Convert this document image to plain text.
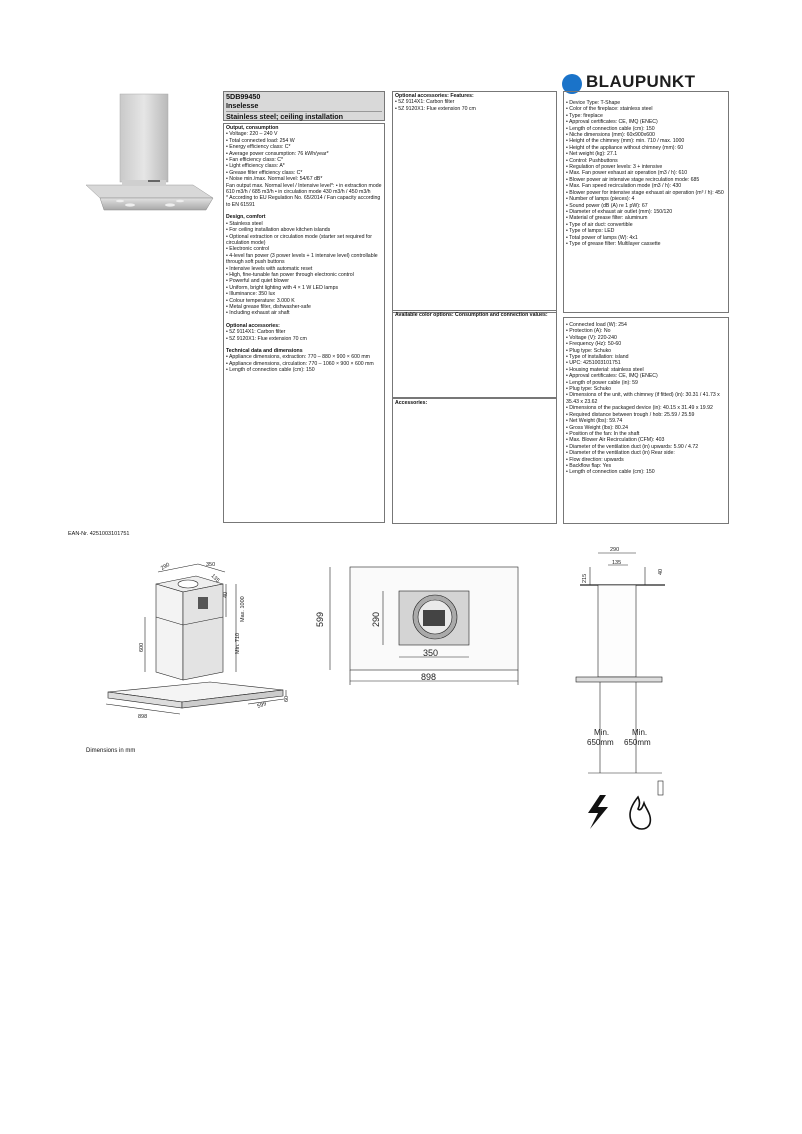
BLAUPUNKT
5DB99450
Inselesse
Stainless steel; ceiling installation
Output, consumption
• Voltage: 220 – 240 V
• Total connected load: 254 W
• Energy efficiency class: C*
• Average power consumption: 76 kWh/year*
• Fan efficiency class: C*
• Light efficiency class: A*
• Grease filter efficiency class: C*
• Noise min./max. Normal level: 54/67 dB*
Fan output max. Normal level / Intensive level*: • in extraction mode 610 m3/h / 685 m3/h • in circulation mode 430 m3/h / 450 m3/h
* According to EU Regulation No. 65/2014 / Fan capacity according to EN 61591
Design, comfort
• Stainless steel
• For ceiling installation above kitchen islands
• Optional extraction or circulation mode (starter set required for circulation mode)
• Electronic control
• 4-level fan power (3 power levels + 1 intensive level) controllable through soft push buttons
• Intensive levels with automatic reset
• High, fine-tunable fan power through electronic control
• Powerful and quiet blower
• Uniform, bright lighting with 4 × 1 W LED lamps
• Illuminance: 350 lux
• Colour temperature: 3.000 K
• Metal grease filter, dishwasher-safe
• Including exhaust air shaft
Optional accessories:
• 5Z 9114X1: Carbon filter
• 5Z 9120X1: Flue extension 70 cm
Technical data and dimensions
• Appliance dimensions, extraction: 770 – 880 × 900 × 600 mm
• Appliance dimensions, circulation: 770 – 1060 × 900 × 600 mm
• Length of connection cable (cm): 150
Optional accessories: Features:
• 5Z 9114X1: Carbon filter
• 5Z 9120X1: Flue extension 70 cm
Available color options: Consumption and connection values:
Accessories:
• Device Type: T-Shape
• Color of the fireplace: stainless steel
• Type: fireplace
• Approval certificates: CE, IMQ (ENEC)
• Length of connection cable (cm): 150
• Niche dimensions (mm): 60x900x600
• Height of the chimney (mm): min. 710 / max. 1000
• Height of the appliance without chimney (mm): 60
• Net weight (kg): 27.1
• Control: Pushbuttons
• Regulation of power levels: 3 + intensive
• Max. Fan power exhaust air operation (m3 / h): 610
• Blower power air intensive stage recirculation mode: 685
• Max. Fan speed recirculation mode (m3 / h): 430
• Blower power for intensive stage exhaust air operation (m³ / h): 450
• Number of lamps (pieces): 4
• Sound power (dB (A) re 1 pW): 67
• Diameter of exhaust air outlet (mm): 150/120
• Material of grease filter: aluminum
• Type of air duct: convertible
• Type of lamps: LED
• Total power of lamps (W): 4x1
• Type of grease filter: Multilayer cassette
• Connected load (W): 254
• Protection (A): No
• Voltage (V): 220-240
• Frequency (Hz): 50-60
• Plug type: Schuko
• Type of installation: island
• UPC: 4251003101751
• Housing material: stainless steel
• Approval certificates: CE, IMQ (ENEC)
• Length of power cable (in): 59
• Plug type: Schuko
• Dimensions of the unit, with chimney (if fitted) (in): 30.31 / 41.73 x 35.43 x 23.62
• Dimensions of the packaged device (in): 40.15 x 31.49 x 19.92
• Required distance between trough / hob: 25.59 / 25.59
• Net Weight (lbs): 59.74
• Gross Weight (lbs): 80.24
• Position of the fan: In the shaft
• Max. Blower Air Recirculation (CFM): 403
• Diameter of the ventilation duct (in) upwards: 5.90 / 4.72
• Diameter of the ventilation duct (in) Rear side:
• Flow direction: upwards
• Backflow flap: Yes
• Length of connection cable (cm): 150
EAN-Nr. 4251003101751
350
290
135
40
Max. 1000
Min. 710
600
60
898
599
599	290
350
898
290
135
215
40
Min.
650mm
Min.
650mm
Dimensions in mm
